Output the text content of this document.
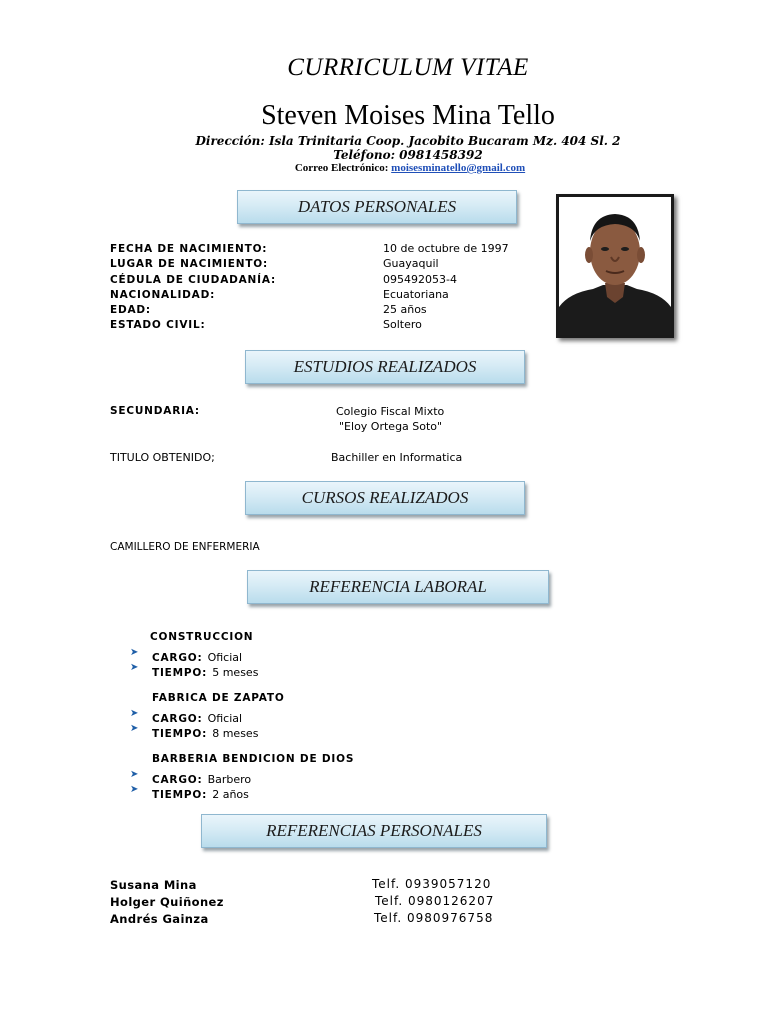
CURRICULUM VITAE
Steven Moises Mina Tello
Dirección: Isla Trinitaria Coop. Jacobito Bucaram Mz. 404 Sl. 2
Teléfono: 0981458392
Correo Electrónico: moisesminatello@gmail.com
DATOS PERSONALES
FECHA DE NACIMIENTO:	10 de octubre de 1997
LUGAR DE NACIMIENTO:	Guayaquil
CÉDULA DE CIUDADANÍA:	095492053-4
NACIONALIDAD:	Ecuatoriana
EDAD:	25 años
ESTADO CIVIL:	Soltero
ESTUDIOS REALIZADOS
SECUNDARIA:	Colegio Fiscal Mixto
"Eloy Ortega Soto"
TITULO OBTENIDO;	Bachiller en Informatica
CURSOS REALIZADOS
CAMILLERO DE ENFERMERIA
REFERENCIA LABORAL
CONSTRUCCION
➤ CARGO: Oficial
➤ TIEMPO: 5 meses
FABRICA DE ZAPATO
➤ CARGO: Oficial
➤ TIEMPO: 8 meses
BARBERIA BENDICION DE DIOS
➤ CARGO: Barbero
➤ TIEMPO: 2 años
REFERENCIAS PERSONALES
Susana Mina	Telf. 0939057120
Holger Quiñonez	Telf. 0980126207
Andrés Gainza	Telf. 0980976758
